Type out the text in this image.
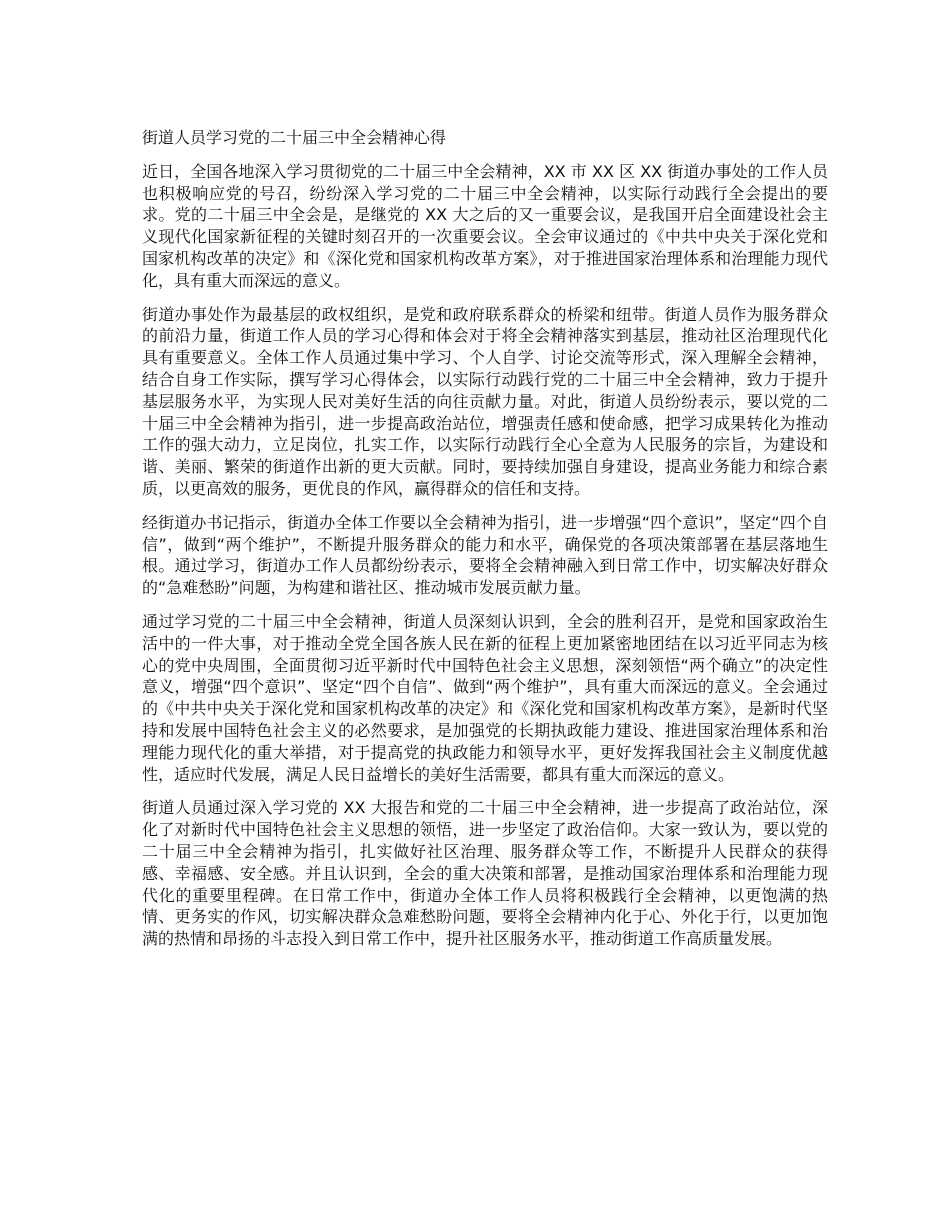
街道人员学习党的二十届三中全会精神心得

近日，全国各地深入学习贯彻党的二十届三中全会精神，XX 市 XX 区 XX 街道办事处的工作人员也积极响应党的号召，纷纷深入学习党的二十届三中全会精神，以实际行动践行全会提出的要求。党的二十届三中全会是，是继党的 XX 大之后的又一重要会议，是我国开启全面建设社会主义现代化国家新征程的关键时刻召开的一次重要会议。全会审议通过的《中共中央关于深化党和国家机构改革的决定》和《深化党和国家机构改革方案》，对于推进国家治理体系和治理能力现代化，具有重大而深远的意义。

街道办事处作为最基层的政权组织，是党和政府联系群众的桥梁和纽带。街道人员作为服务群众的前沿力量，街道工作人员的学习心得和体会对于将全会精神落实到基层，推动社区治理现代化具有重要意义。全体工作人员通过集中学习、个人自学、讨论交流等形式，深入理解全会精神，结合自身工作实际，撰写学习心得体会，以实际行动践行党的二十届三中全会精神，致力于提升基层服务水平，为实现人民对美好生活的向往贡献力量。对此，街道人员纷纷表示，要以党的二十届三中全会精神为指引，进一步提高政治站位，增强责任感和使命感，把学习成果转化为推动工作的强大动力，立足岗位，扎实工作，以实际行动践行全心全意为人民服务的宗旨，为建设和谐、美丽、繁荣的街道作出新的更大贡献。同时，要持续加强自身建设，提高业务能力和综合素质，以更高效的服务，更优良的作风，赢得群众的信任和支持。

经街道办书记指示，街道办全体工作要以全会精神为指引，进一步增强“四个意识”，坚定“四个自信”，做到“两个维护”，不断提升服务群众的能力和水平，确保党的各项决策部署在基层落地生根。通过学习，街道办工作人员都纷纷表示，要将全会精神融入到日常工作中，切实解决好群众的“急难愁盼”问题，为构建和谐社区、推动城市发展贡献力量。

通过学习党的二十届三中全会精神，街道人员深刻认识到，全会的胜利召开，是党和国家政治生活中的一件大事，对于推动全党全国各族人民在新的征程上更加紧密地团结在以习近平同志为核心的党中央周围，全面贯彻习近平新时代中国特色社会主义思想，深刻领悟“两个确立”的决定性意义，增强“四个意识”、坚定“四个自信”、做到“两个维护”，具有重大而深远的意义。全会通过的《中共中央关于深化党和国家机构改革的决定》和《深化党和国家机构改革方案》，是新时代坚持和发展中国特色社会主义的必然要求，是加强党的长期执政能力建设、推进国家治理体系和治理能力现代化的重大举措，对于提高党的执政能力和领导水平，更好发挥我国社会主义制度优越性，适应时代发展，满足人民日益增长的美好生活需要，都具有重大而深远的意义。

街道人员通过深入学习党的 XX 大报告和党的二十届三中全会精神，进一步提高了政治站位，深化了对新时代中国特色社会主义思想的领悟，进一步坚定了政治信仰。大家一致认为，要以党的二十届三中全会精神为指引，扎实做好社区治理、服务群众等工作，不断提升人民群众的获得感、幸福感、安全感。并且认识到，全会的重大决策和部署，是推动国家治理体系和治理能力现代化的重要里程碑。在日常工作中，街道办全体工作人员将积极践行全会精神，以更饱满的热情、更务实的作风，切实解决群众急难愁盼问题，要将全会精神内化于心、外化于行，以更加饱满的热情和昂扬的斗志投入到日常工作中，提升社区服务水平，推动街道工作高质量发展。
